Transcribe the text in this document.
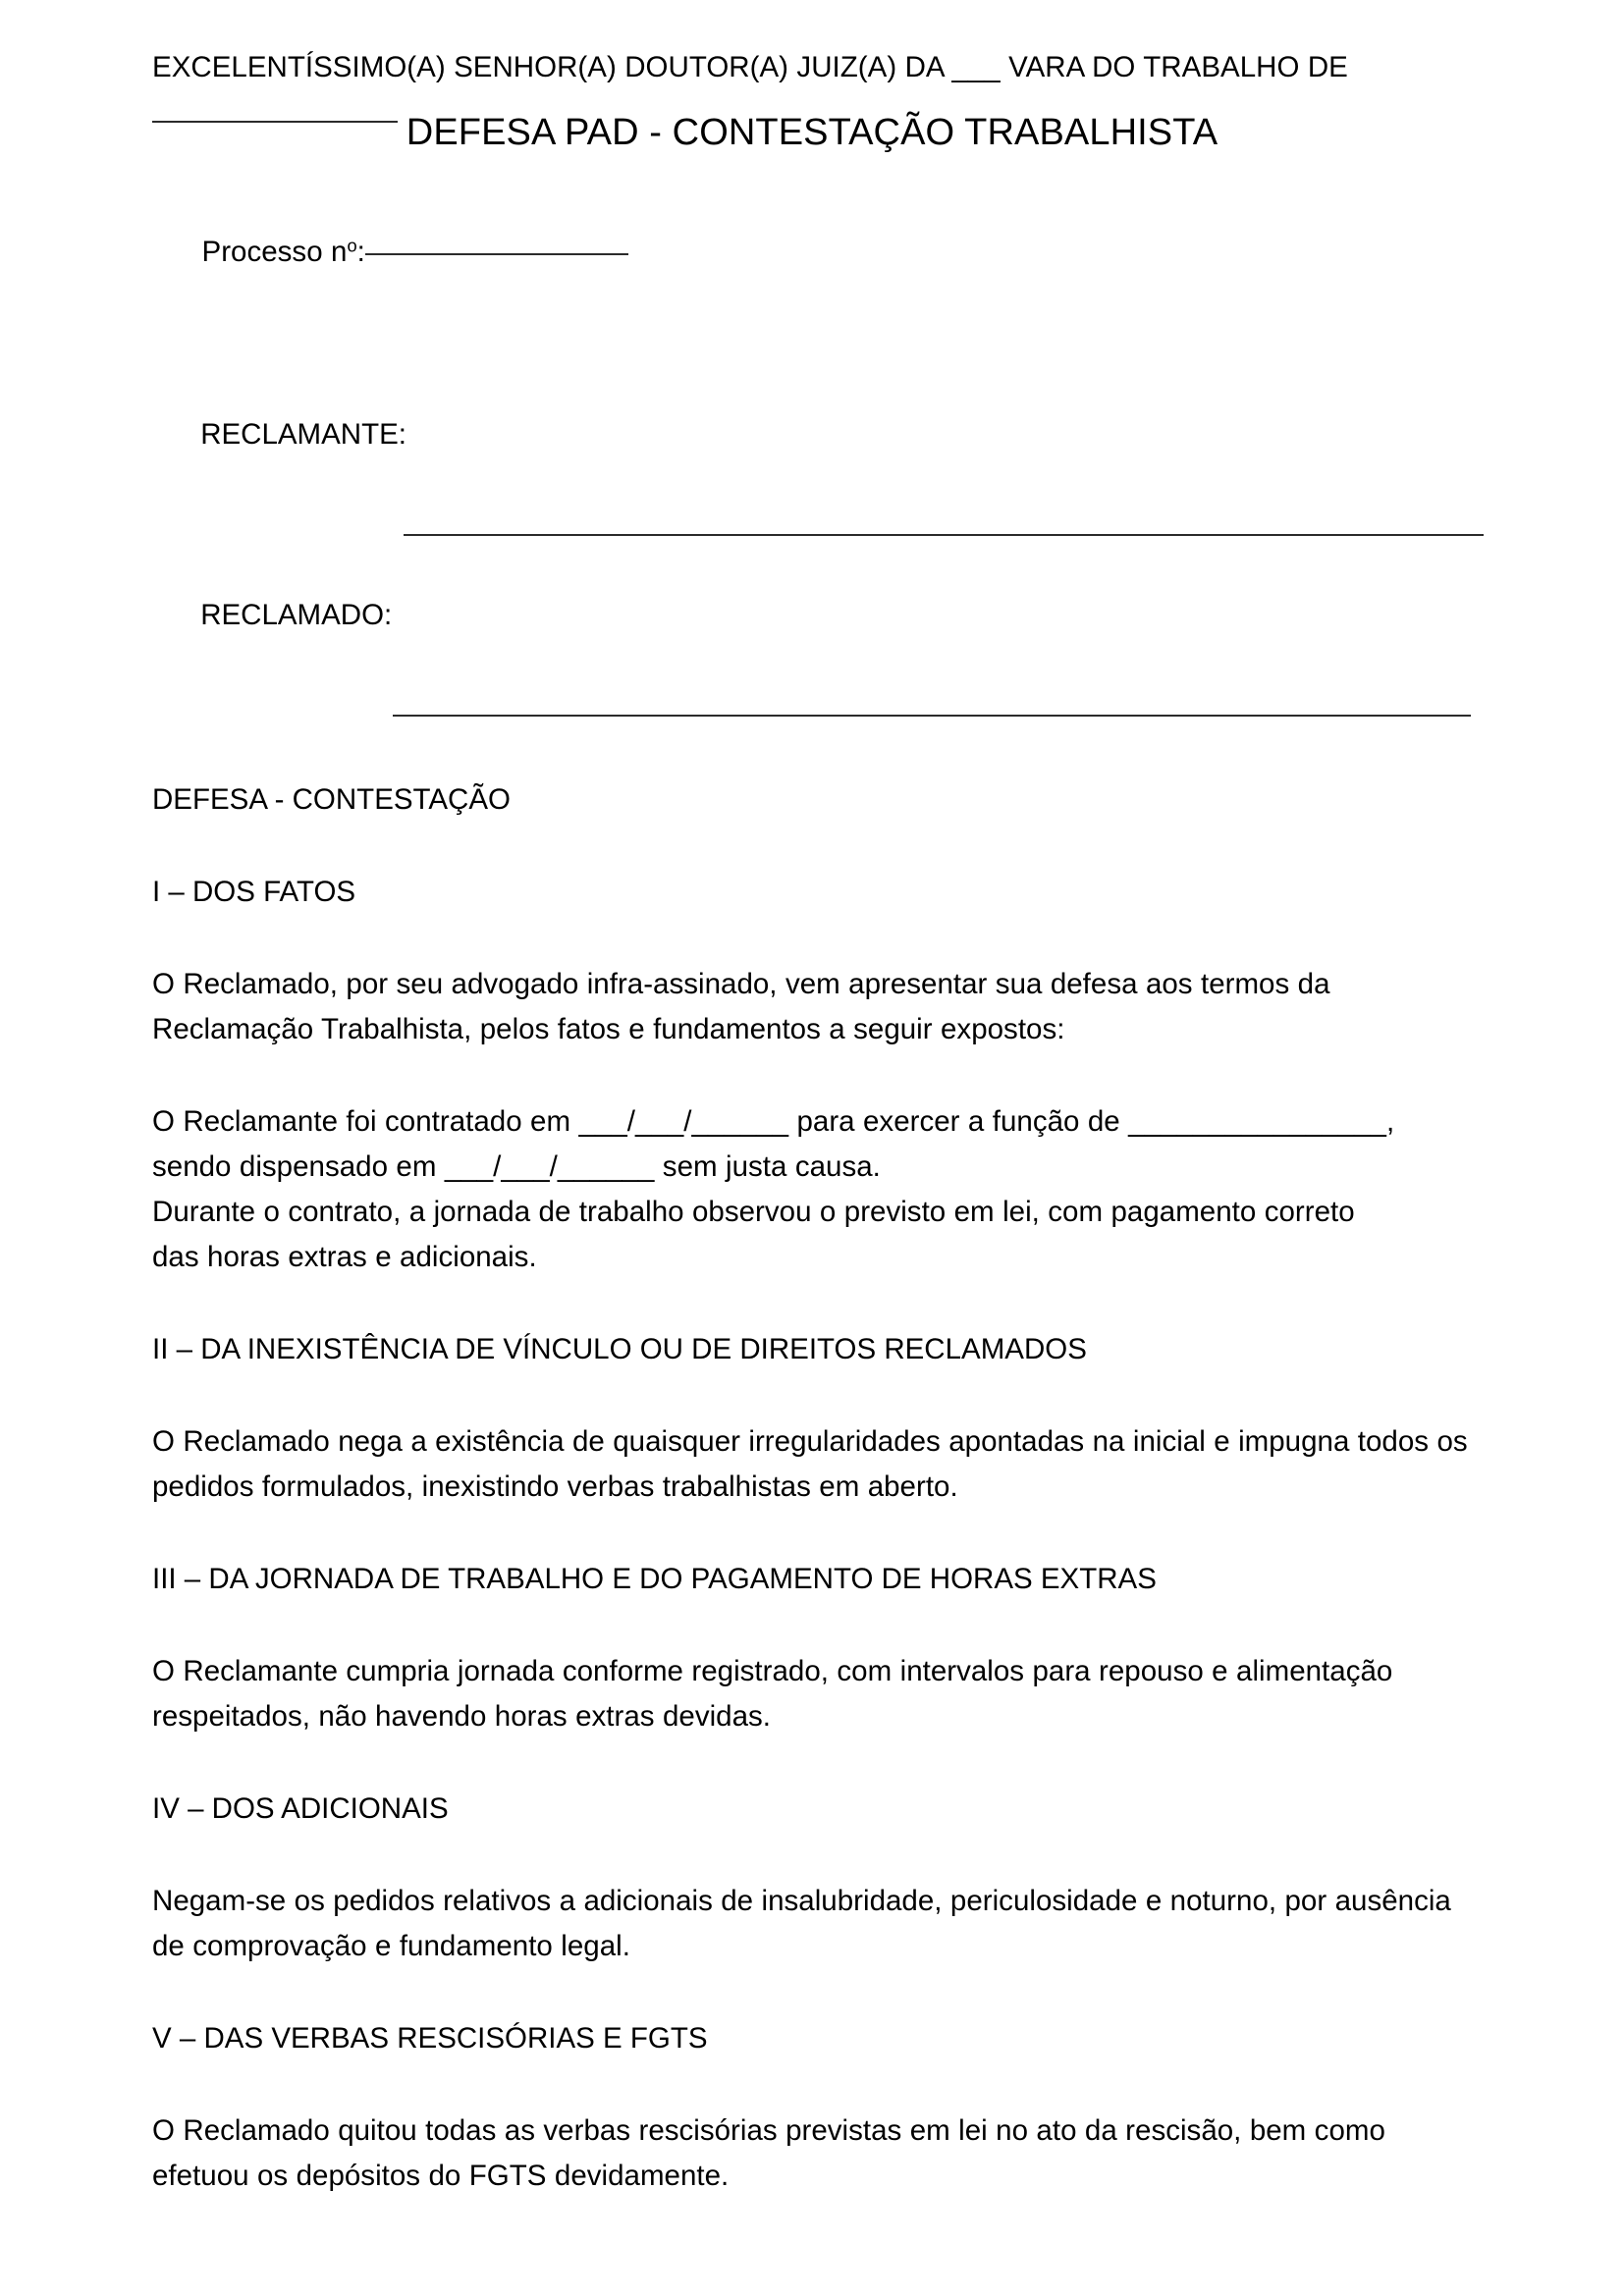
DEFESA PAD - CONTESTAÇÃO TRABALHISTA
EXCELENTÍSSIMO(A) SENHOR(A) DOUTOR(A) JUIZ(A) DA ___ VARA DO TRABALHO DE

Processo $n^o$:

RECLAMANTE:

RECLAMADO:

DEFESA - CONTESTAÇÃO
I – DOS FATOS
O Reclamado, por seu advogado infra-assinado, vem apresentar sua defesa aos termos da Reclamação Trabalhista, pelos fatos e fundamentos a seguir expostos:
O Reclamante foi contratado em ___/___/______ para exercer a função de ________________,
sendo dispensado em ___/___/______ sem justa causa.
Durante o contrato, a jornada de trabalho observou o previsto em lei, com pagamento correto
das horas extras e adicionais.
II – DA INEXISTÊNCIA DE VÍNCULO OU DE DIREITOS RECLAMADOS
O Reclamado nega a existência de quaisquer irregularidades apontadas na inicial e impugna todos os pedidos formulados, inexistindo verbas trabalhistas em aberto.
III – DA JORNADA DE TRABALHO E DO PAGAMENTO DE HORAS EXTRAS
O Reclamante cumpria jornada conforme registrado, com intervalos para repouso e alimentação respeitados, não havendo horas extras devidas.
IV – DOS ADICIONAIS
Negam-se os pedidos relativos a adicionais de insalubridade, periculosidade e noturno, por ausência de comprovação e fundamento legal.
V – DAS VERBAS RESCISÓRIAS E FGTS
O Reclamado quitou todas as verbas rescisórias previstas em lei no ato da rescisão, bem como efetuou os depósitos do FGTS devidamente.
